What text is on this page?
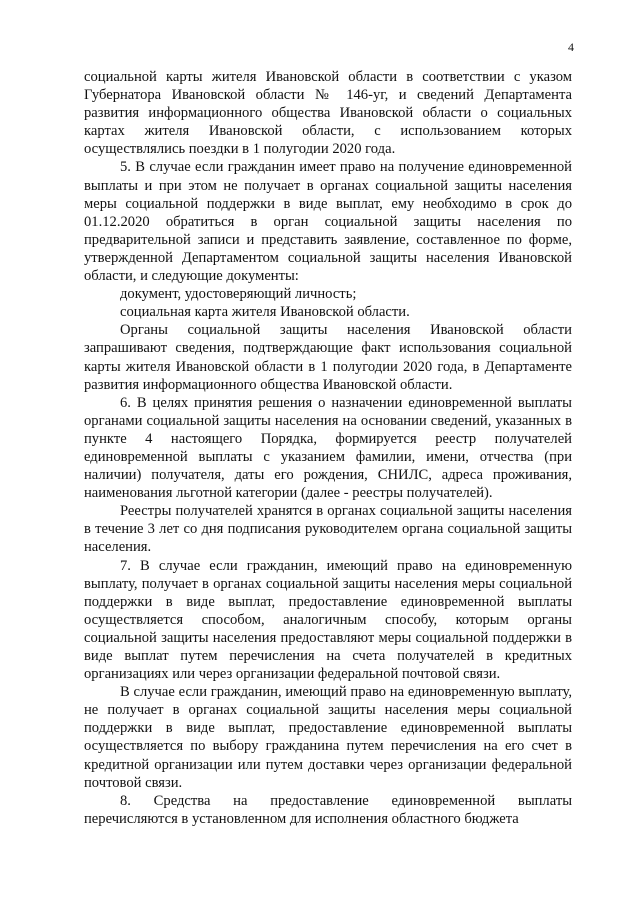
4

социальной карты жителя Ивановской области в соответствии с указом Губернатора Ивановской области № 146-уг, и сведений Департамента развития информационного общества Ивановской области о социальных картах жителя Ивановской области, с использованием которых осуществлялись поездки в 1 полугодии 2020 года.

5. В случае если гражданин имеет право на получение единовременной выплаты и при этом не получает в органах социальной защиты населения меры социальной поддержки в виде выплат, ему необходимо в срок до 01.12.2020 обратиться в орган социальной защиты населения по предварительной записи и представить заявление, составленное по форме, утвержденной Департаментом социальной защиты населения Ивановской области, и следующие документы:

документ, удостоверяющий личность;

социальная карта жителя Ивановской области.

Органы социальной защиты населения Ивановской области запрашивают сведения, подтверждающие факт использования социальной карты жителя Ивановской области в 1 полугодии 2020 года, в Департаменте развития информационного общества Ивановской области.

6. В целях принятия решения о назначении единовременной выплаты органами социальной защиты населения на основании сведений, указанных в пункте 4 настоящего Порядка, формируется реестр получателей единовременной выплаты с указанием фамилии, имени, отчества (при наличии) получателя, даты его рождения, СНИЛС, адреса проживания, наименования льготной категории (далее - реестры получателей).

Реестры получателей хранятся в органах социальной защиты населения в течение 3 лет со дня подписания руководителем органа социальной защиты населения.

7. В случае если гражданин, имеющий право на единовременную выплату, получает в органах социальной защиты населения меры социальной поддержки в виде выплат, предоставление единовременной выплаты осуществляется способом, аналогичным способу, которым органы социальной защиты населения предоставляют меры социальной поддержки в виде выплат путем перечисления на счета получателей в кредитных организациях или через организации федеральной почтовой связи.

В случае если гражданин, имеющий право на единовременную выплату, не получает в органах социальной защиты населения меры социальной поддержки в виде выплат, предоставление единовременной выплаты осуществляется по выбору гражданина путем перечисления на его счет в кредитной организации или путем доставки через организации федеральной почтовой связи.

8. Средства на предоставление единовременной выплаты перечисляются в установленном для исполнения областного бюджета
